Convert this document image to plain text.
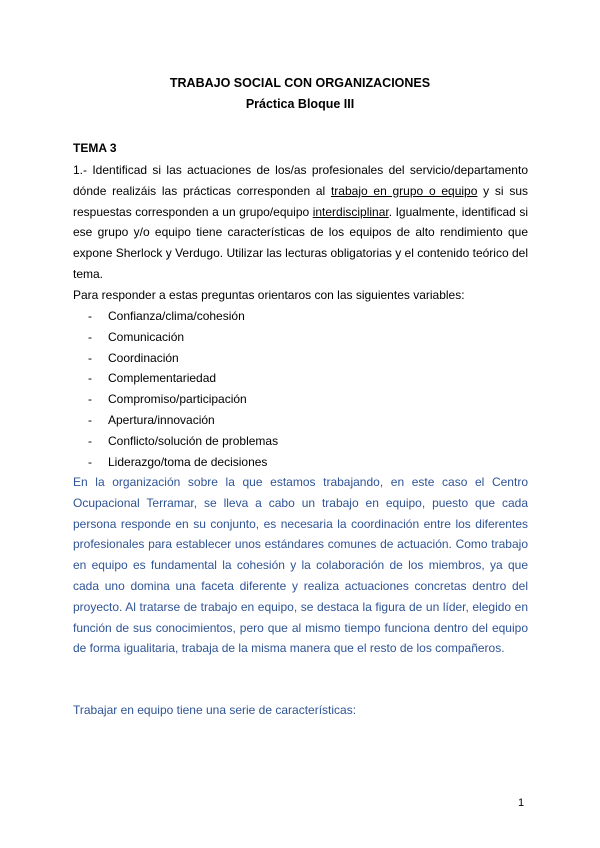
TRABAJO SOCIAL CON ORGANIZACIONES

Práctica Bloque III

TEMA 3

1.- Identificad si las actuaciones de los/as profesionales del servicio/departamento dónde realizáis las prácticas corresponden al trabajo en grupo o equipo y si sus respuestas corresponden a un grupo/equipo interdisciplinar. Igualmente, identificad si ese grupo y/o equipo tiene características de los equipos de alto rendimiento que expone Sherlock y Verdugo. Utilizar las lecturas obligatorias y el contenido teórico del tema.

Para responder a estas preguntas orientaros con las siguientes variables:

- Confianza/clima/cohesión
- Comunicación
- Coordinación
- Complementariedad
- Compromiso/participación
- Apertura/innovación
- Conflicto/solución de problemas
- Liderazgo/toma de decisiones

En la organización sobre la que estamos trabajando, en este caso el Centro Ocupacional Terramar, se lleva a cabo un trabajo en equipo, puesto que cada persona responde en su conjunto, es necesaria la coordinación entre los diferentes profesionales para establecer unos estándares comunes de actuación. Como trabajo en equipo es fundamental la cohesión y la colaboración de los miembros, ya que cada uno domina una faceta diferente y realiza actuaciones concretas dentro del proyecto. Al tratarse de trabajo en equipo, se destaca la figura de un líder, elegido en función de sus conocimientos, pero que al mismo tiempo funciona dentro del equipo de forma igualitaria, trabaja de la misma manera que el resto de los compañeros.

Trabajar en equipo tiene una serie de características:

1
